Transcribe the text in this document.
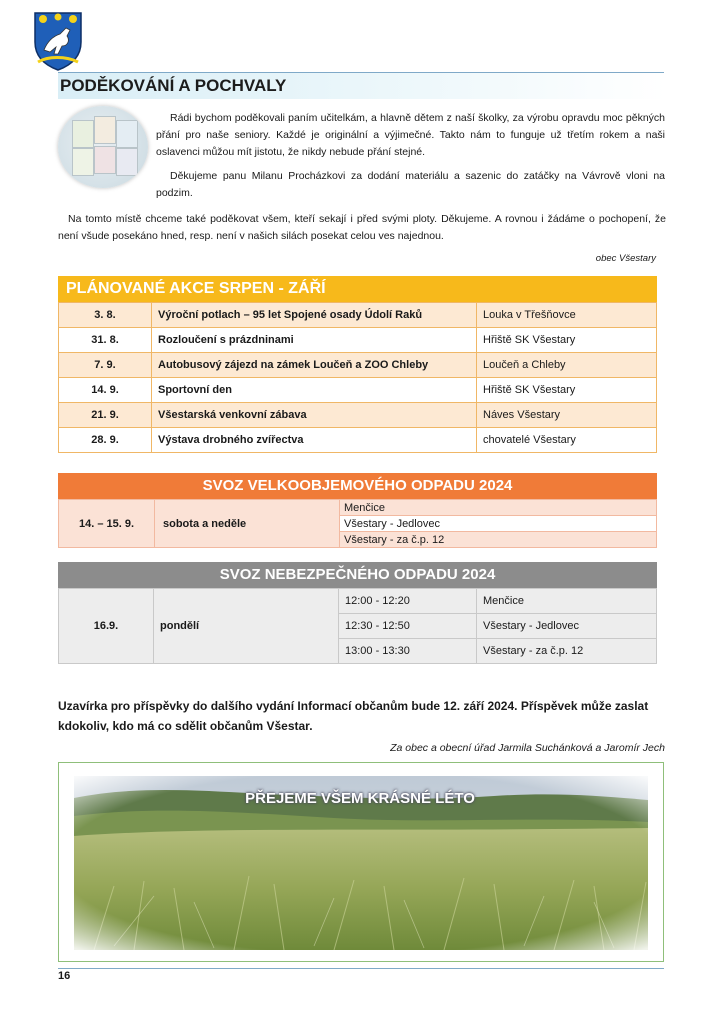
PODĚKOVÁNÍ A POCHVALY
Rádi bychom poděkovali paním učitelkám, a hlavně dětem z naší školky, za výrobu opravdu moc pěkných přání pro naše seniory. Každé je originální a výjimečné. Takto nám to funguje už třetím rokem a naši oslavenci můžou mít jistotu, že nikdy nebude přání stejné.
Děkujeme panu Milanu Procházkovi za dodání materiálu a sazenic do zatáčky na Vávrově vloni na podzim.
Na tomto místě chceme také poděkovat všem, kteří sekají i před svými ploty. Děkujeme. A rovnou i žádáme o pochopení, že není všude posekáno hned, resp. není v našich silách posekat celou ves najednou.
obec Všestary
PLÁNOVANÉ AKCE SRPEN - ZÁŘÍ
3. 8.	Výroční potlach – 95 let Spojené osady Údolí Raků	Louka v Třešňovce
31. 8.	Rozloučení s prázdninami	Hřiště SK Všestary
7. 9.	Autobusový zájezd na zámek Loučeň a ZOO Chleby	Loučeň a Chleby
14. 9.	Sportovní den	Hřiště SK Všestary
21. 9.	Všestarská venkovní zábava	Náves Všestary
28. 9.	Výstava drobného zvířectva	chovatelé Všestary
SVOZ VELKOOBJEMOVÉHO ODPADU 2024
14. – 15. 9.	sobota a neděle	Menčice
Všestary - Jedlovec
Všestary - za č.p. 12
SVOZ NEBEZPEČNÉHO ODPADU 2024
16.9.	pondělí	12:00 - 12:20	Menčice
		12:30 - 12:50	Všestary - Jedlovec
		13:00 - 13:30	Všestary - za č.p. 12
Uzavírka pro příspěvky do dalšího vydání Informací občanům bude 12. září 2024. Příspěvek může zaslat kdokoliv, kdo má co sdělit občanům Všestar.
Za obec a obecní úřad Jarmila Suchánková a Jaromír Jech
PŘEJEME VŠEM KRÁSNÉ LÉTO
16
